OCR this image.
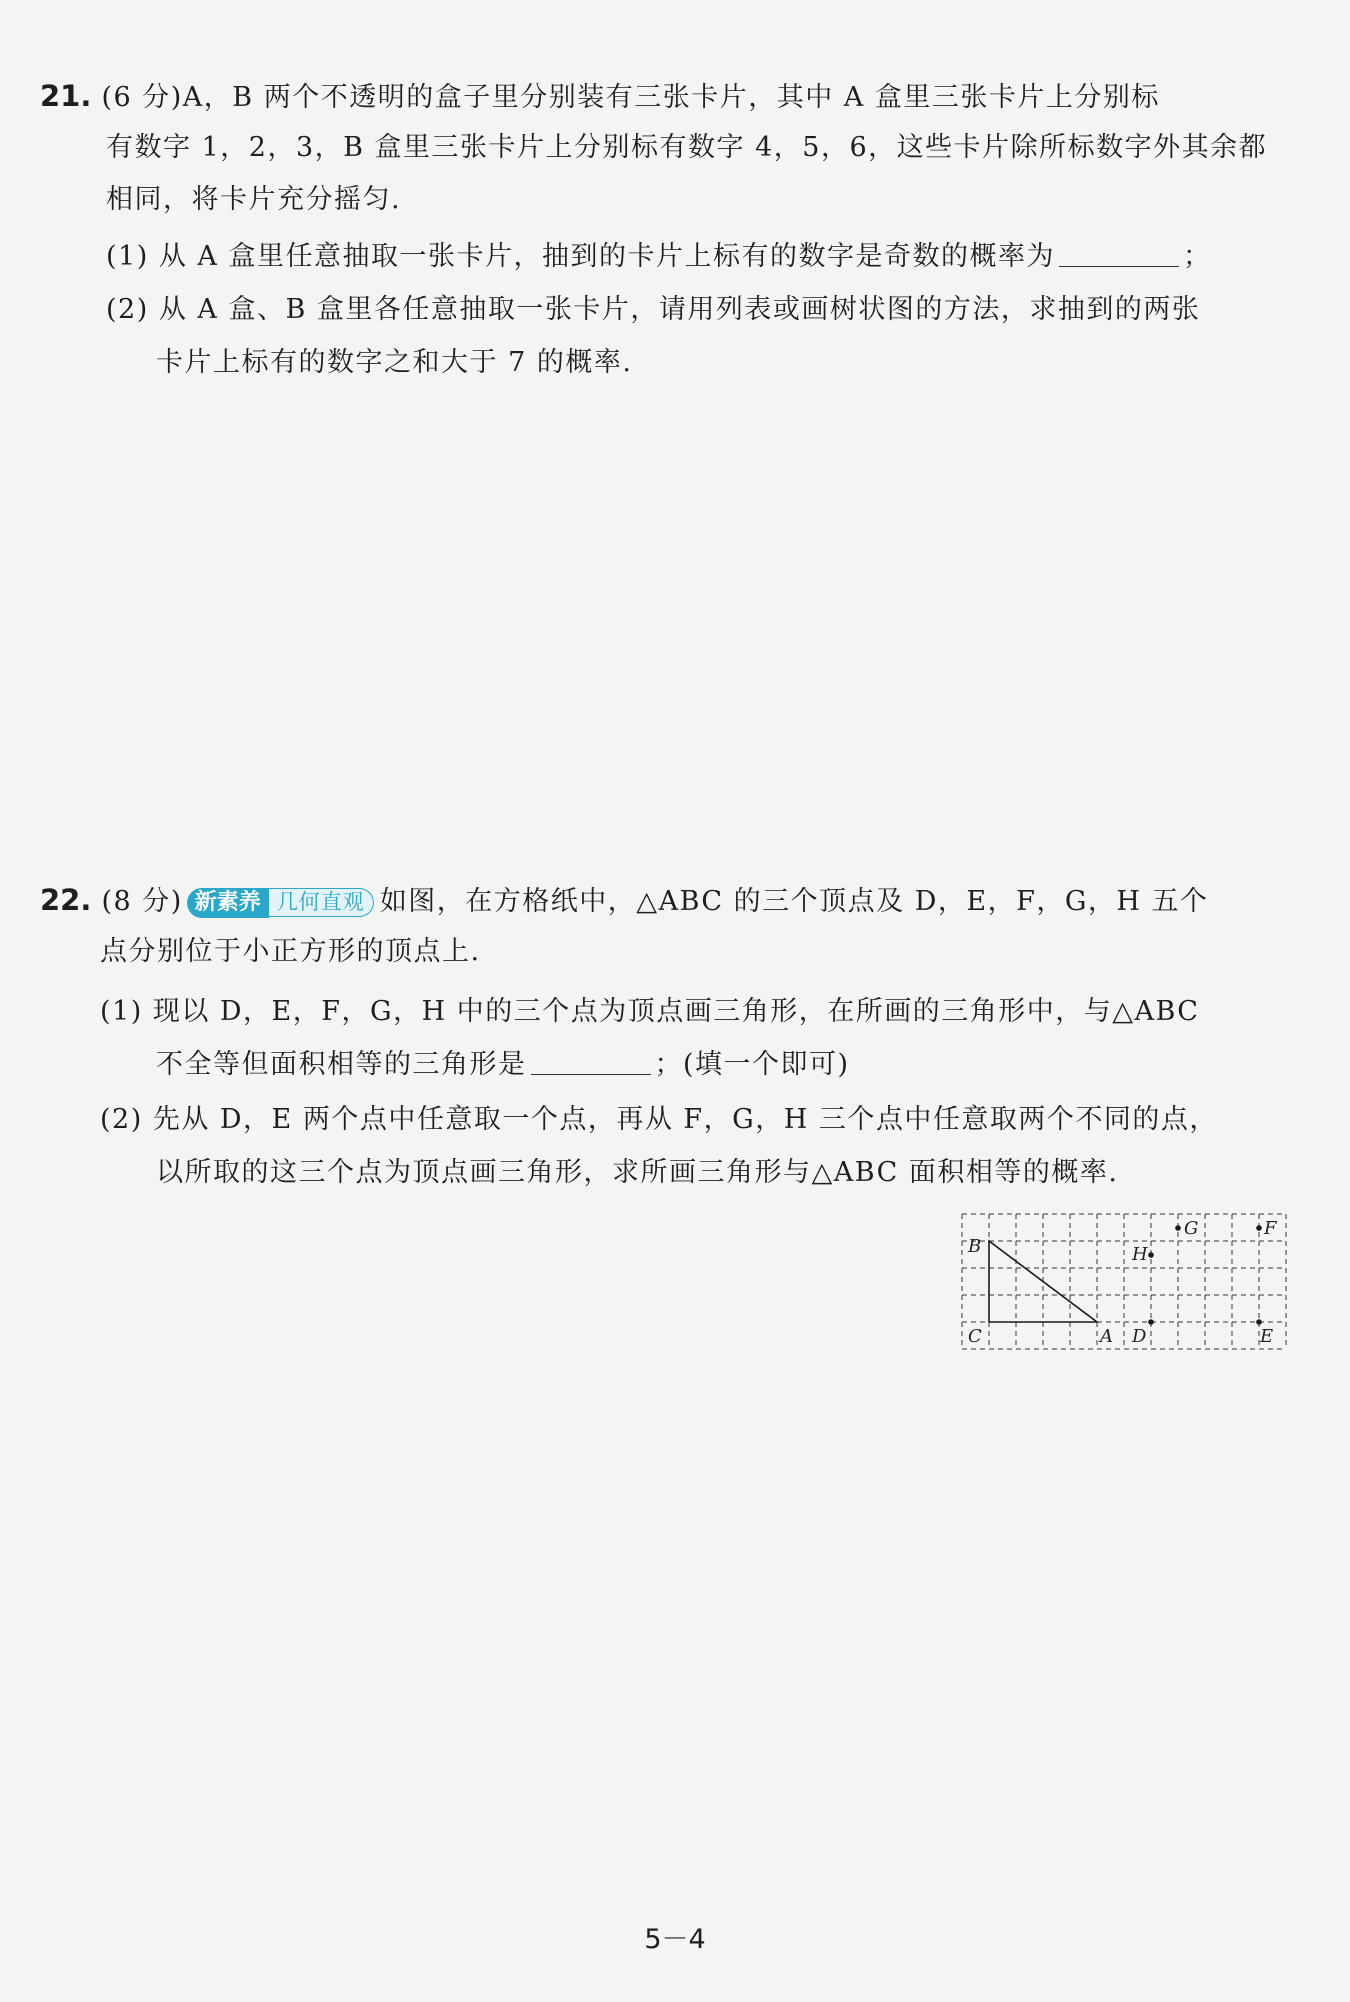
21. (6 分)A，B 两个不透明的盒子里分别装有三张卡片，其中 A 盒里三张卡片上分别标
有数字 1，2，3，B 盒里三张卡片上分别标有数字 4，5，6，这些卡片除所标数字外其余都
相同，将卡片充分摇匀.
(1) 从 A 盒里任意抽取一张卡片，抽到的卡片上标有的数字是奇数的概率为	；
(2) 从 A 盒、B 盒里各任意抽取一张卡片，请用列表或画树状图的方法，求抽到的两张
卡片上标有的数字之和大于 7 的概率.
22. (8 分) 新素养 几何直观 如图，在方格纸中，△ABC 的三个顶点及 D，E，F，G，H 五个
点分别位于小正方形的顶点上.
(1) 现以 D，E，F，G，H 中的三个点为顶点画三角形，在所画的三角形中，与△ABC
不全等但面积相等的三角形是	；(填一个即可)
(2) 先从 D，E 两个点中任意取一个点，再从 F，G，H 三个点中任意取两个不同的点，
以所取的这三个点为顶点画三角形，求所画三角形与△ABC 面积相等的概率.
B
C	A D	E
F
G
H
5－4
